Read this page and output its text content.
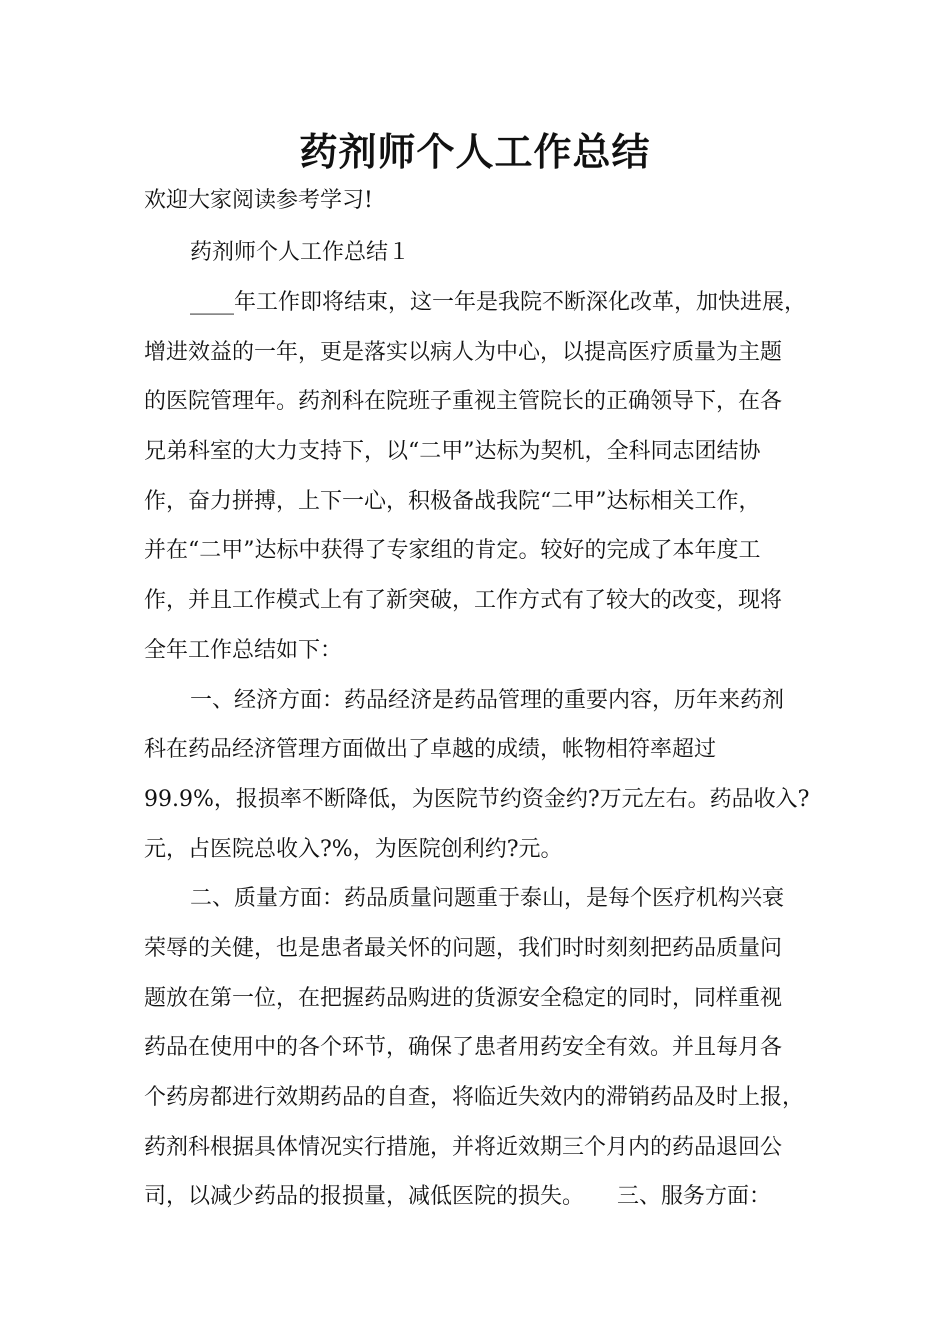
药剂师个人工作总结

欢迎大家阅读参考学习!

药剂师个人工作总结１

____年工作即将结束，这一年是我院不断深化改革，加快进展，

增进效益的一年，更是落实以病人为中心，以提高医疗质量为主题

的医院管理年。药剂科在院班子重视主管院长的正确领导下，在各

兄弟科室的大力支持下，以“二甲”达标为契机，全科同志团结协

作，奋力拼搏，上下一心，积极备战我院“二甲”达标相关工作，

并在“二甲”达标中获得了专家组的肯定。较好的完成了本年度工

作，并且工作模式上有了新突破，工作方式有了较大的改变，现将

全年工作总结如下：

一、经济方面：药品经济是药品管理的重要内容，历年来药剂

科在药品经济管理方面做出了卓越的成绩，帐物相符率超过

99.9%，报损率不断降低，为医院节约资金约?万元左右。药品收入?

元，占医院总收入?%，为医院创利约?元。

二、质量方面：药品质量问题重于泰山，是每个医疗机构兴衰

荣辱的关健，也是患者最关怀的问题，我们时时刻刻把药品质量问

题放在第一位，在把握药品购进的货源安全稳定的同时，同样重视

药品在使用中的各个环节，确保了患者用药安全有效。并且每月各

个药房都进行效期药品的自查，将临近失效内的滞销药品及时上报，

药剂科根据具体情况实行措施，并将近效期三个月内的药品退回公

司，以减少药品的报损量，减低医院的损失。　　三、服务方面：
